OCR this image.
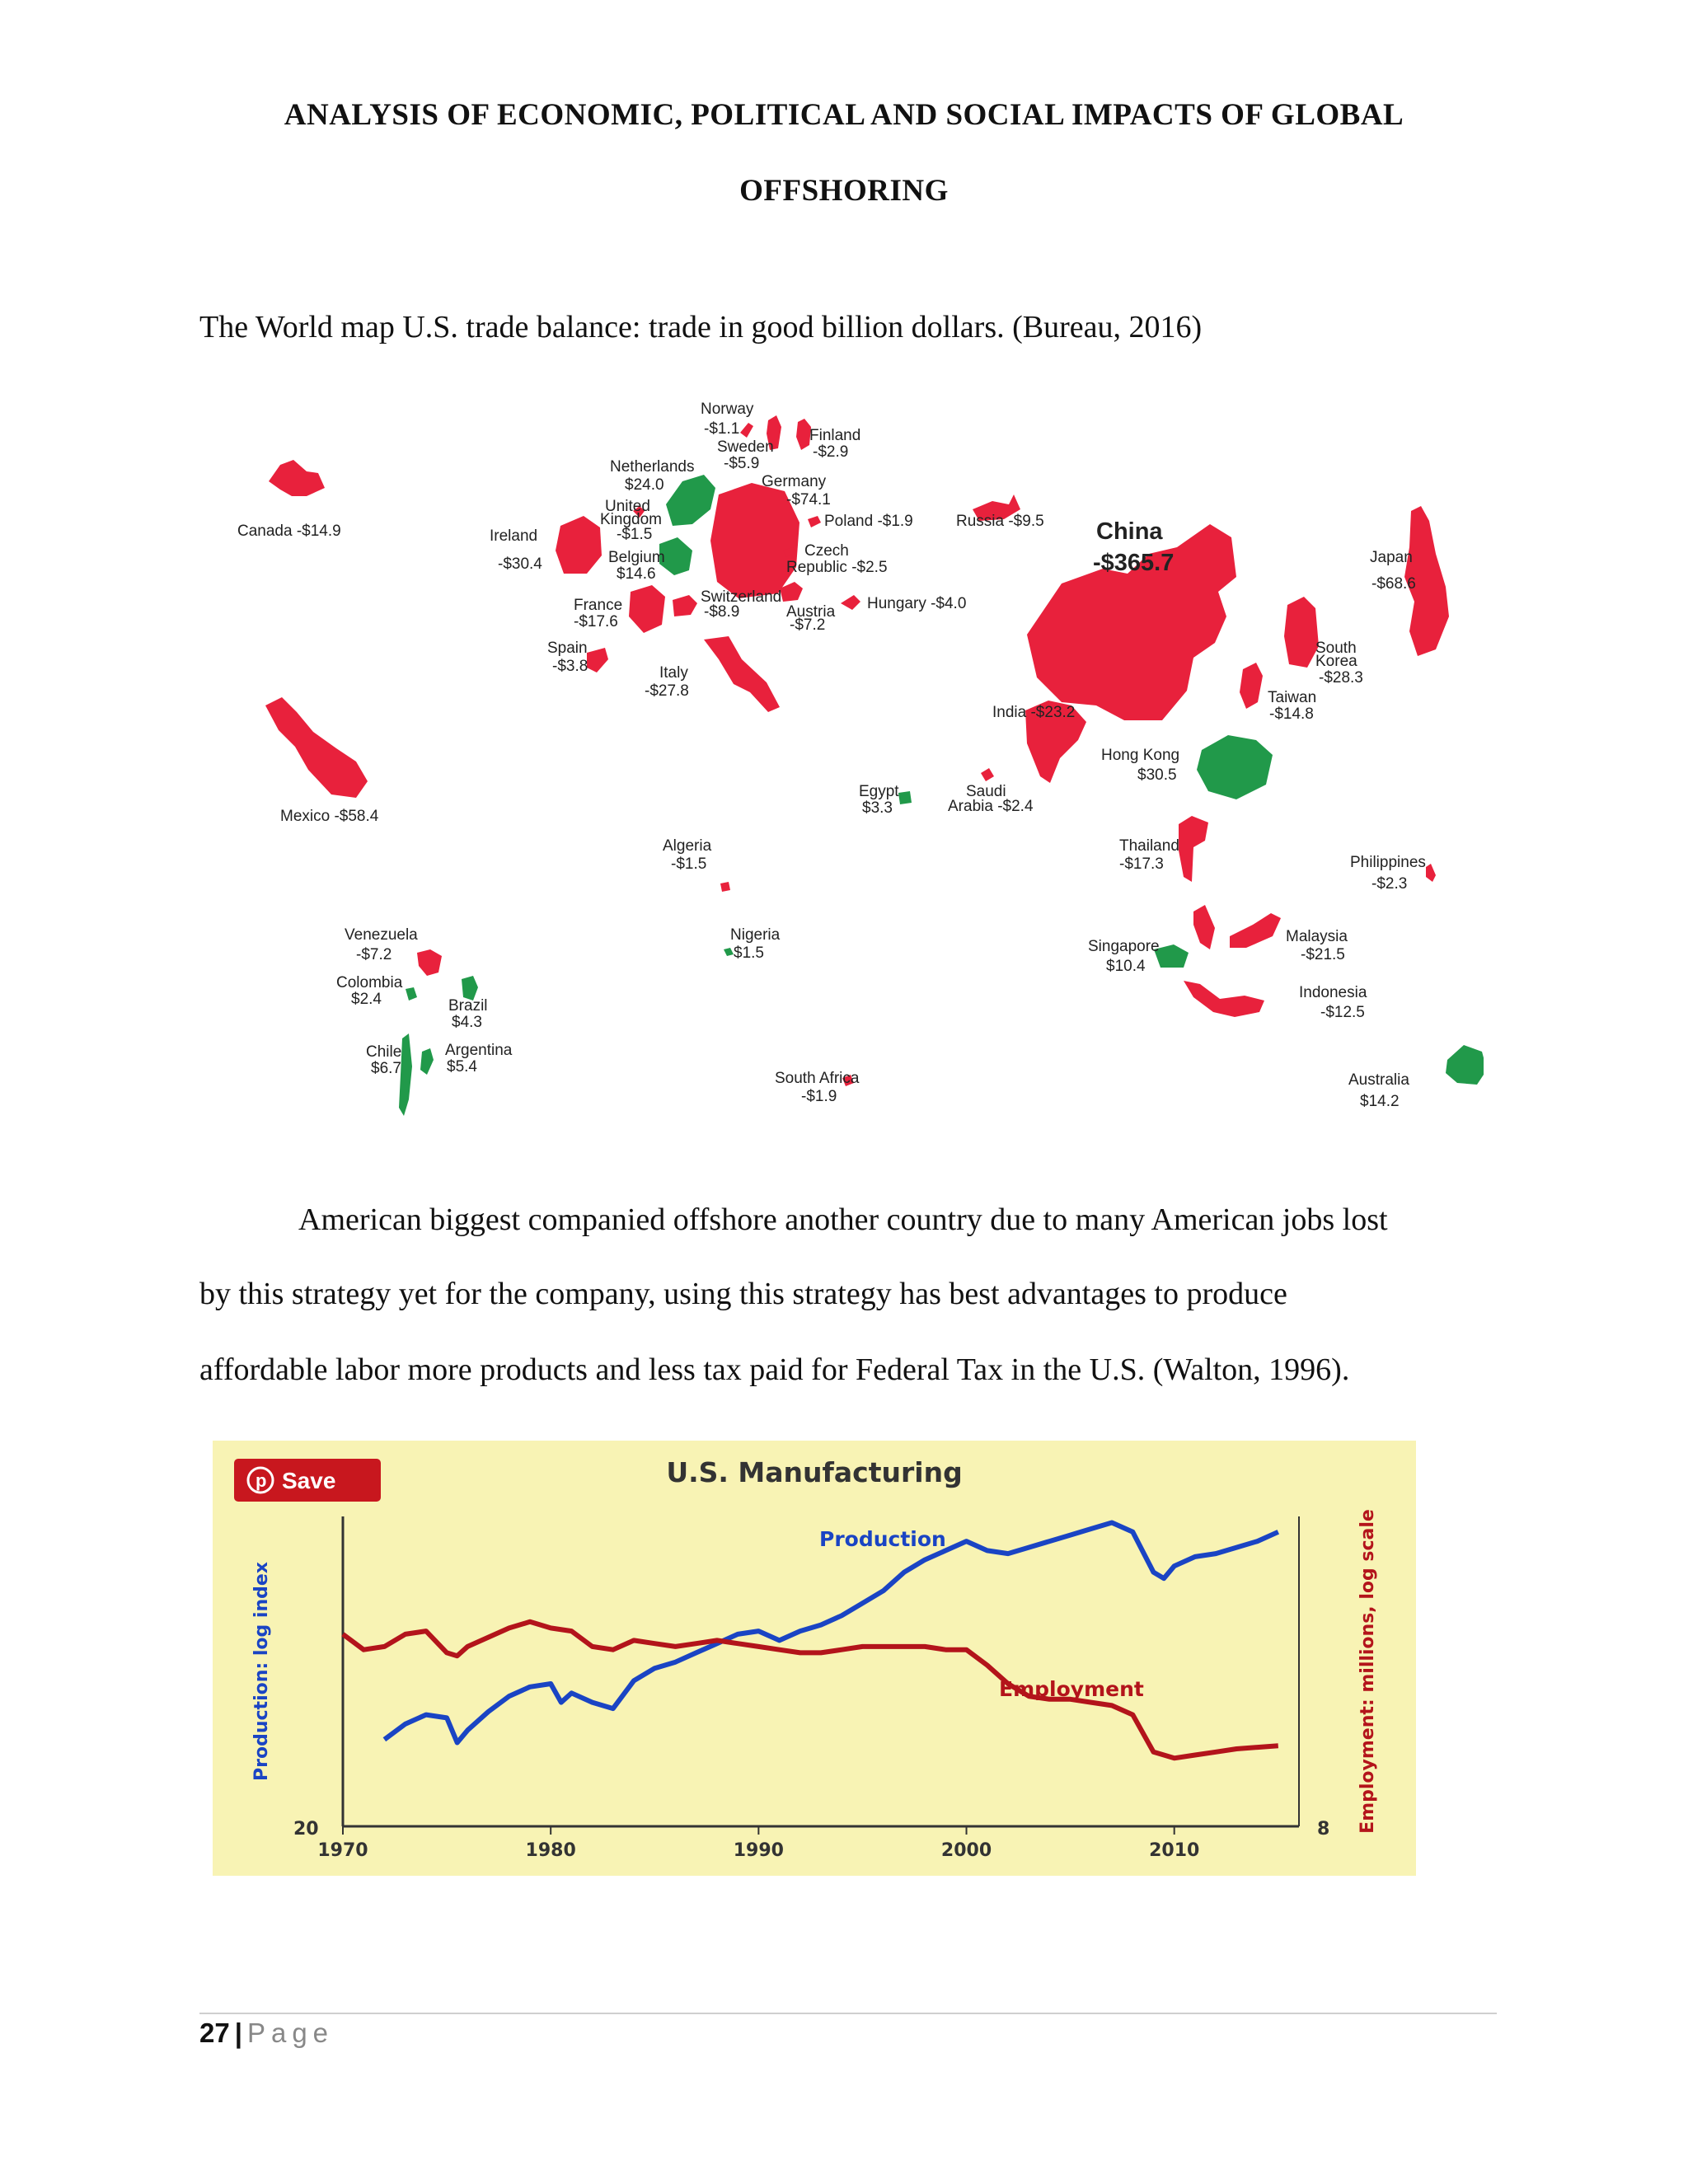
ANALYSIS OF ECONOMIC, POLITICAL AND SOCIAL IMPACTS OF GLOBAL
OFFSHORING
The World map U.S. trade balance: trade in good billion dollars. (Bureau, 2016)
Norway
-$1.1	Finland
-$2.9
Sweden
-$5.9
Netherlands
$24.0	Germany
-$74.1
United
Kingdom
-$1.5
Poland -$1.9	Russia -$9.5 China
-$365.7	Japan
-$68.6
Canada -$14.9	Ireland
-$30.4	Belgium
$14.6
Czech
Republic -$2.5
Switzerland
-$8.9	Hungary -$4.0
Austria
-$7.2
France
-$17.6
Spain
-$3.8	Italy
-$27.8
South
Korea
-$28.3
Taiwan
-$14.8
India -$23.2
Hong Kong
$30.5
Mexico -$58.4
Egypt
$3.3
Saudi
Arabia -$2.4
Algeria
-$1.5
Thailand
-$17.3	Philippines
-$2.3
Venezuela
-$7.2
Nigeria
$1.5
Malaysia
-$21.5
Singapore
$10.4
Colombia
$2.4	Brazil
$4.3
Indonesia
-$12.5
Chile
$6.7
Argentina
$5.4
South Africa
-$1.9
Australia
$14.2
American biggest companied offshore another country due to many American jobs lost
by this strategy yet for the company, using this strategy has best advantages to produce
affordable labor more products and less tax paid for Federal Tax in the U.S. (Walton, 1996).
p Save	U.S. Manufacturing
1970	1980	1990	2000	2010
20	8
Production: log index	Employment: millions, log scale
Production
Employment
27 | Page
